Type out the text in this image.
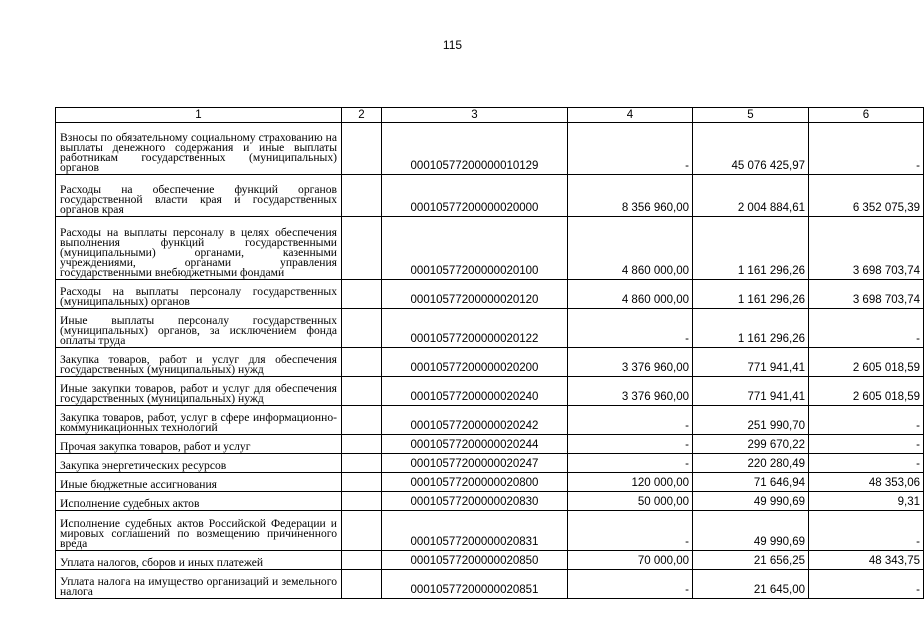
115
1	2	3	4	5	6
Взносы по обязательному социальному страхованию на выплаты денежного содержания и иные выплаты работникам государственных (муниципальных) органов		00010577200000010129	-	45 076 425,97	-
Расходы на обеспечение функций органов государственной власти края и государственных органов края		00010577200000020000	8 356 960,00	2 004 884,61	6 352 075,39
Расходы на выплаты персоналу в целях обеспечения выполнения функций государственными (муниципальными) органами, казенными учреждениями, органами управления государственными внебюджетными фондами		00010577200000020100	4 860 000,00	1 161 296,26	3 698 703,74
Расходы на выплаты персоналу государственных (муниципальных) органов		00010577200000020120	4 860 000,00	1 161 296,26	3 698 703,74
Иные выплаты персоналу государственных (муниципальных) органов, за исключением фонда оплаты труда		00010577200000020122	-	1 161 296,26	-
Закупка товаров, работ и услуг для обеспечения государственных (муниципальных) нужд		00010577200000020200	3 376 960,00	771 941,41	2 605 018,59
Иные закупки товаров, работ и услуг для обеспечения государственных (муниципальных) нужд		00010577200000020240	3 376 960,00	771 941,41	2 605 018,59
Закупка товаров, работ, услуг в сфере информационно-коммуникационных технологий		00010577200000020242	-	251 990,70	-
Прочая закупка товаров, работ и услуг		00010577200000020244	-	299 670,22	-
Закупка энергетических ресурсов		00010577200000020247	-	220 280,49	-
Иные бюджетные ассигнования		00010577200000020800	120 000,00	71 646,94	48 353,06
Исполнение судебных актов		00010577200000020830	50 000,00	49 990,69	9,31
Исполнение судебных актов Российской Федерации и мировых соглашений по возмещению причиненного вреда		00010577200000020831	-	49 990,69	-
Уплата налогов, сборов и иных платежей		00010577200000020850	70 000,00	21 656,25	48 343,75
Уплата налога на имущество организаций и земельного налога		00010577200000020851	-	21 645,00	-
